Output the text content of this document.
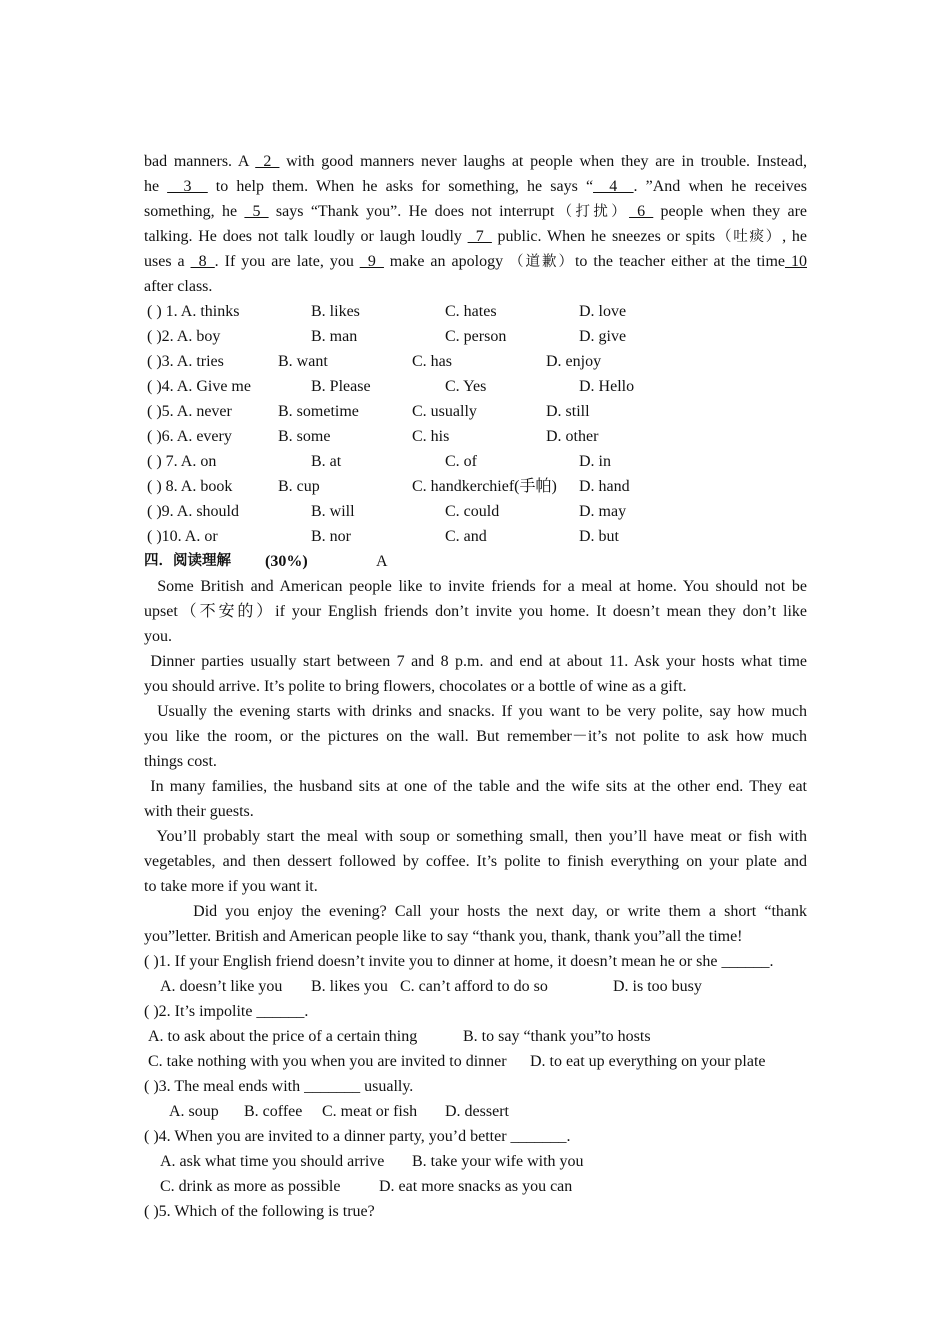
bad manners. A _2_ with good manners never laughs at people when they are in trouble. Instead,
he _ 3 _ to help them. When he asks for something, he says “_ 4 _. ”And when he receives
something, he _5_ says “Thank you”. He does not interrupt（打扰）_6_ people when they are
talking. He does not talk loudly or laugh loudly _7_ public. When he sneezes or spits（吐痰）, he
uses a _8_. If you are late, you _9_ make an apology （道歉）to the teacher either at the time 10
after class.
( ) 1. A. thinks	B. likes	C. hates	D. love
( )2. A. boy	B. man	C. person	D. give
( )3. A. tries	B. want	C. has	D. enjoy
( )4. A. Give me	B. Please	C. Yes	D. Hello
( )5. A. never	B. sometime	C. usually	D. still
( )6. A. every	B. some	C. his	D. other
( ) 7. A. on	B. at	C. of	D. in
( ) 8. A. book	B. cup	C. handkerchief(手帕) D. hand
( )9. A. should	B. will	C. could	D. may
( )10. A. or	B. nor	C. and	D. but
四．阅读理解 (30%)	A
Some British and American people like to invite friends for a meal at home. You should not be
upset（不安的）if your English friends don’t invite you home. It doesn’t mean they don’t like
you.
Dinner parties usually start between 7 and 8 p.m. and end at about 11. Ask your hosts what time
you should arrive. It’s polite to bring flowers, chocolates or a bottle of wine as a gift.
Usually the evening starts with drinks and snacks. If you want to be very polite, say how much
you like the room, or the pictures on the wall. But remember－it’s not polite to ask how much
things cost.
In many families, the husband sits at one of the table and the wife sits at the other end. They eat
with their guests.
You’ll probably start the meal with soup or something small, then you’ll have meat or fish with
vegetables, and then dessert followed by coffee. It’s polite to finish everything on your plate and
to take more if you want it.
Did you enjoy the evening? Call your hosts the next day, or write them a short “thank
you”letter. British and American people like to say “thank you, thank, thank you”all the time!
( )1. If your English friend doesn’t invite you to dinner at home, it doesn’t mean he or she ______.
A. doesn’t like you B. likes you C. can’t afford to do so	D. is too busy
( )2. It’s impolite ______.
A. to ask about the price of a certain thing	B. to say “thank you”to hosts
C. take nothing with you when you are invited to dinner D. to eat up everything on your plate
( )3. The meal ends with _______ usually.
A. soup B. coffee C. meat or fish D. dessert
( )4. When you are invited to a dinner party, you’d better _______.
A. ask what time you should arrive B. take your wife with you
C. drink as more as possible D. eat more snacks as you can
( )5. Which of the following is true?
